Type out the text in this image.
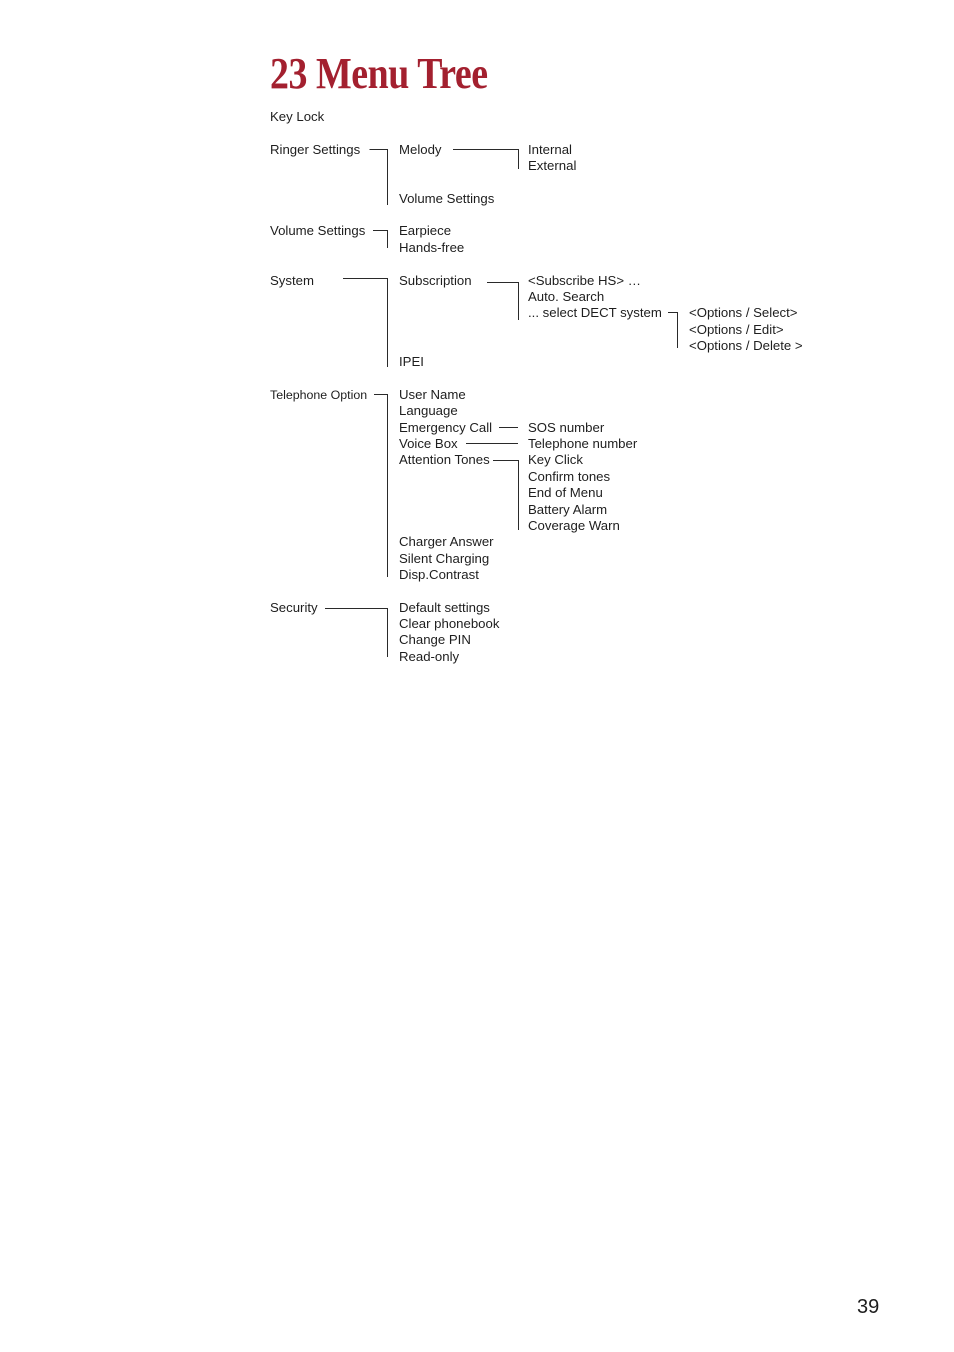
23 Menu Tree
Key Lock
Ringer Settings	Melody	Internal
External
Volume Settings
Volume Settings	Earpiece
Hands-free
System	Subscription	<Subscribe HS> …
Auto. Search
... select DECT system <Options / Select>
<Options / Edit>
<Options / Delete >
IPEI
Telephone Option User Name
Language
Emergency Call	SOS number
Voice Box	Telephone number
Attention Tones	Key Click
Confirm tones
End of Menu
Battery Alarm
Coverage Warn
Charger Answer
Silent Charging
Disp.Contrast
Security	Default settings
Clear phonebook
Change PIN
Read-only
39
